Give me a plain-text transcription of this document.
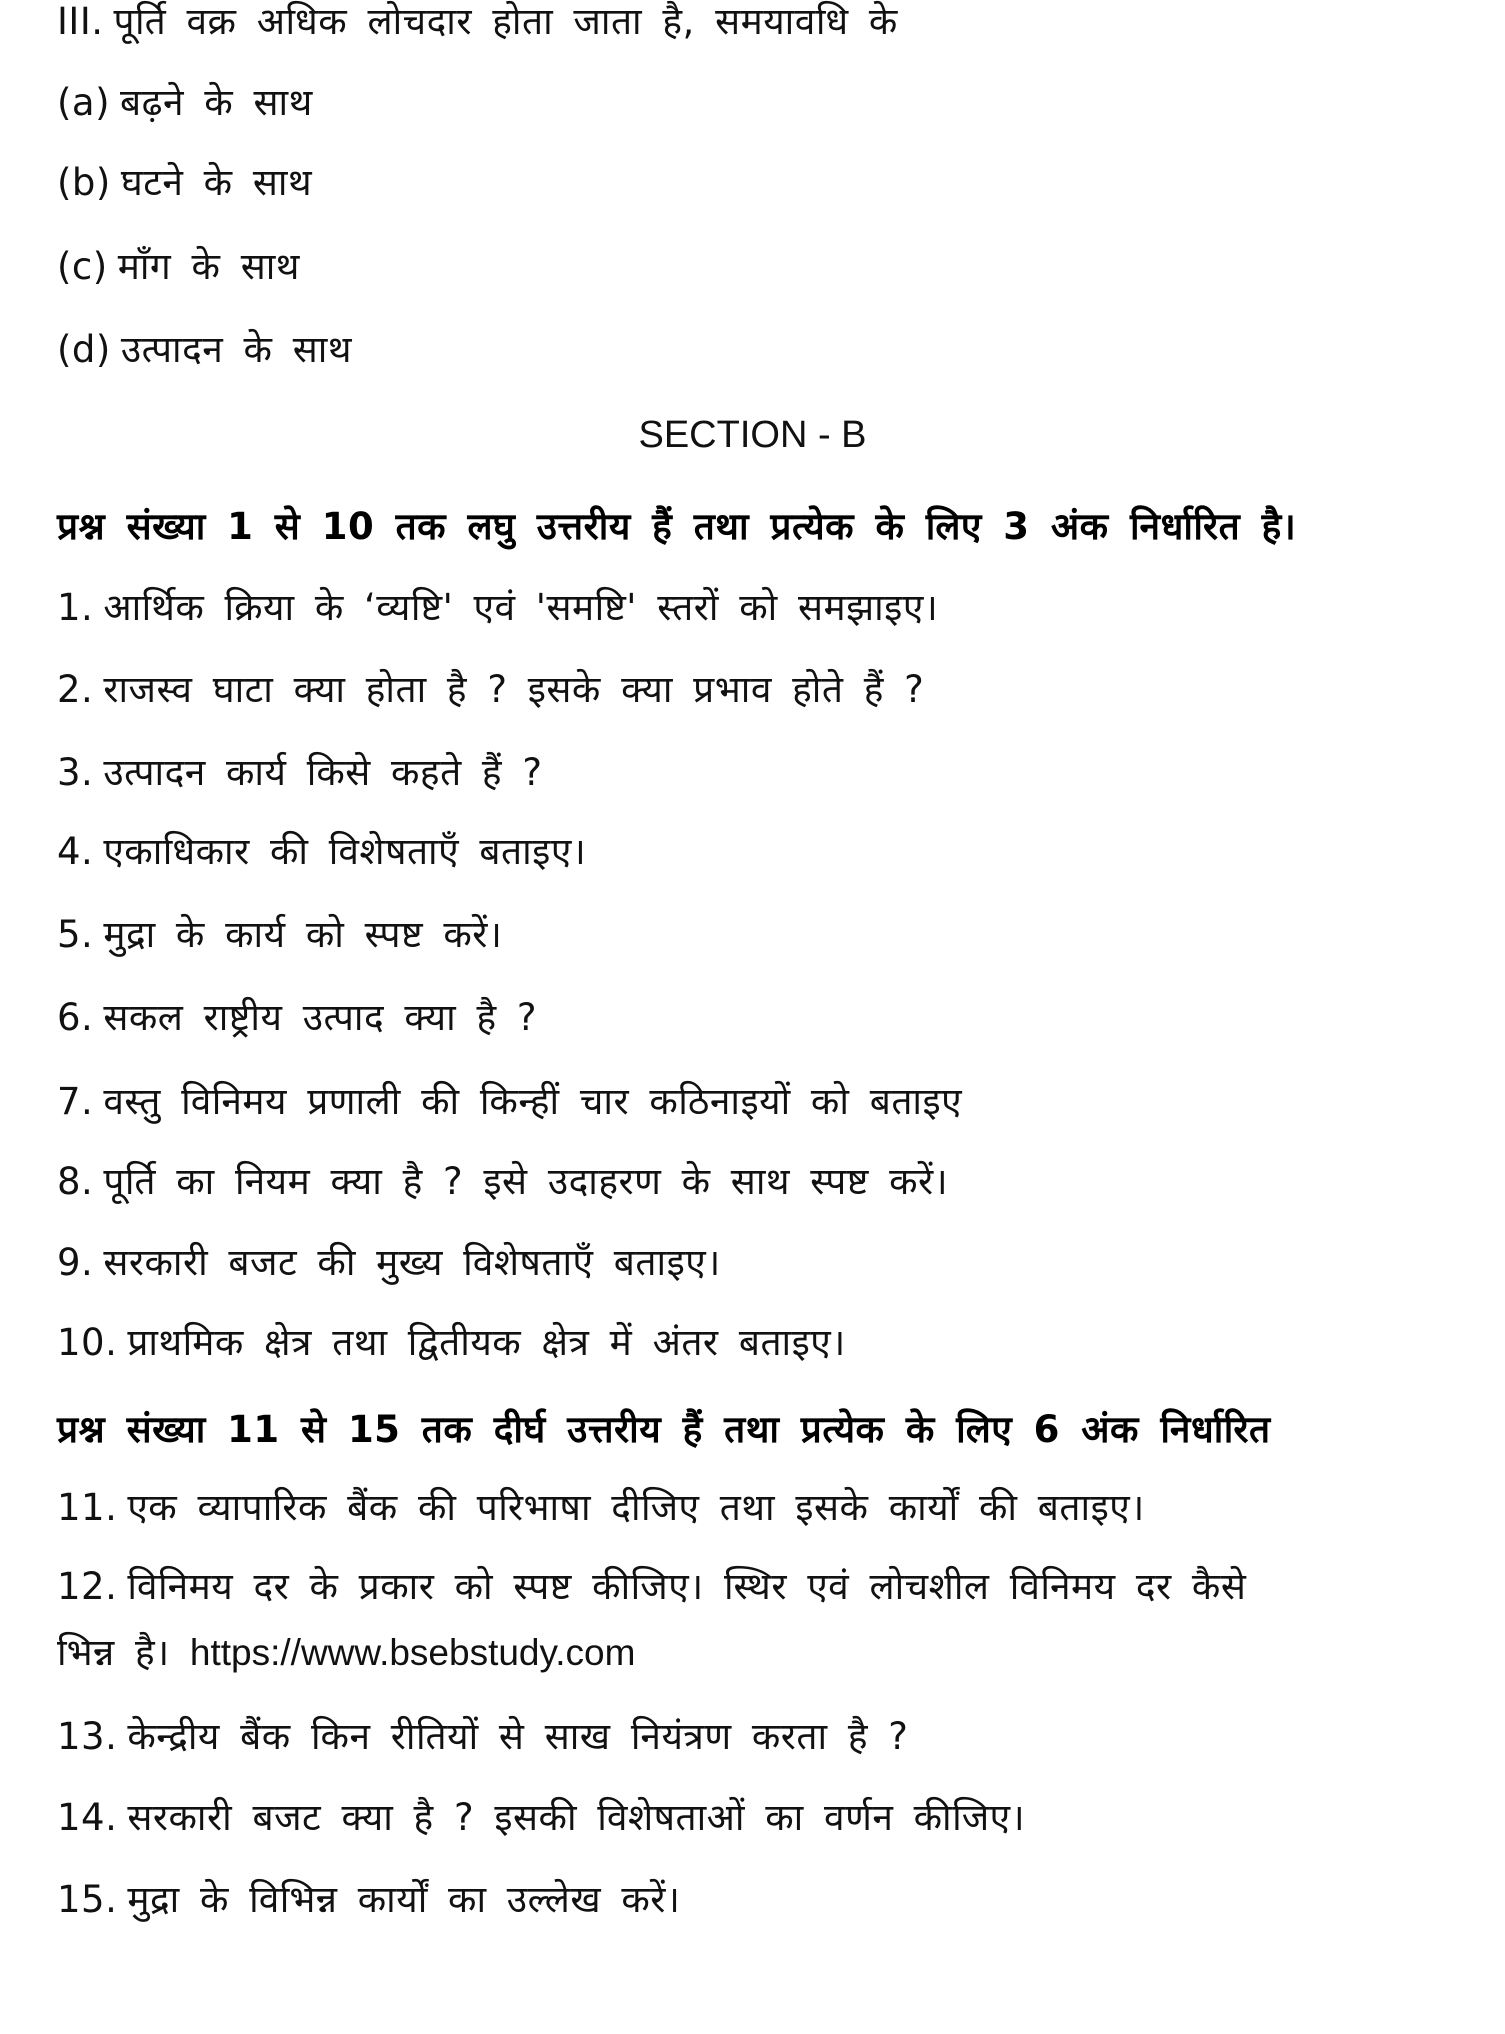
III. पूर्ति वक्र अधिक लोचदार होता जाता है, समयावधि के
(a) बढ़ने के साथ
(b) घटने के साथ
(c) माँग के साथ
(d) उत्पादन के साथ
SECTION - B
प्रश्न संख्या 1 से 10 तक लघु उत्तरीय हैं तथा प्रत्येक के लिए 3 अंक निर्धारित है।
1. आर्थिक क्रिया के ‘व्यष्टि' एवं 'समष्टि' स्तरों को समझाइए।
2. राजस्व घाटा क्या होता है ? इसके क्या प्रभाव होते हैं ?
3. उत्पादन कार्य किसे कहते हैं ?
4. एकाधिकार की विशेषताएँ बताइए।
5. मुद्रा के कार्य को स्पष्ट करें।
6. सकल राष्ट्रीय उत्पाद क्या है ?
7. वस्तु विनिमय प्रणाली की किन्हीं चार कठिनाइयों को बताइए
8. पूर्ति का नियम क्या है ? इसे उदाहरण के साथ स्पष्ट करें।
9. सरकारी बजट की मुख्य विशेषताएँ बताइए।
10. प्राथमिक क्षेत्र तथा द्वितीयक क्षेत्र में अंतर बताइए।
प्रश्न संख्या 11 से 15 तक दीर्घ उत्तरीय हैं तथा प्रत्येक के लिए 6 अंक निर्धारित
11. एक व्यापारिक बैंक की परिभाषा दीजिए तथा इसके कार्यों की बताइए।
12. विनिमय दर के प्रकार को स्पष्ट कीजिए। स्थिर एवं लोचशील विनिमय दर कैसे
भिन्न है। https://www.bsebstudy.com
13. केन्द्रीय बैंक किन रीतियों से साख नियंत्रण करता है ?
14. सरकारी बजट क्या है ? इसकी विशेषताओं का वर्णन कीजिए।
15. मुद्रा के विभिन्न कार्यों का उल्लेख करें।
